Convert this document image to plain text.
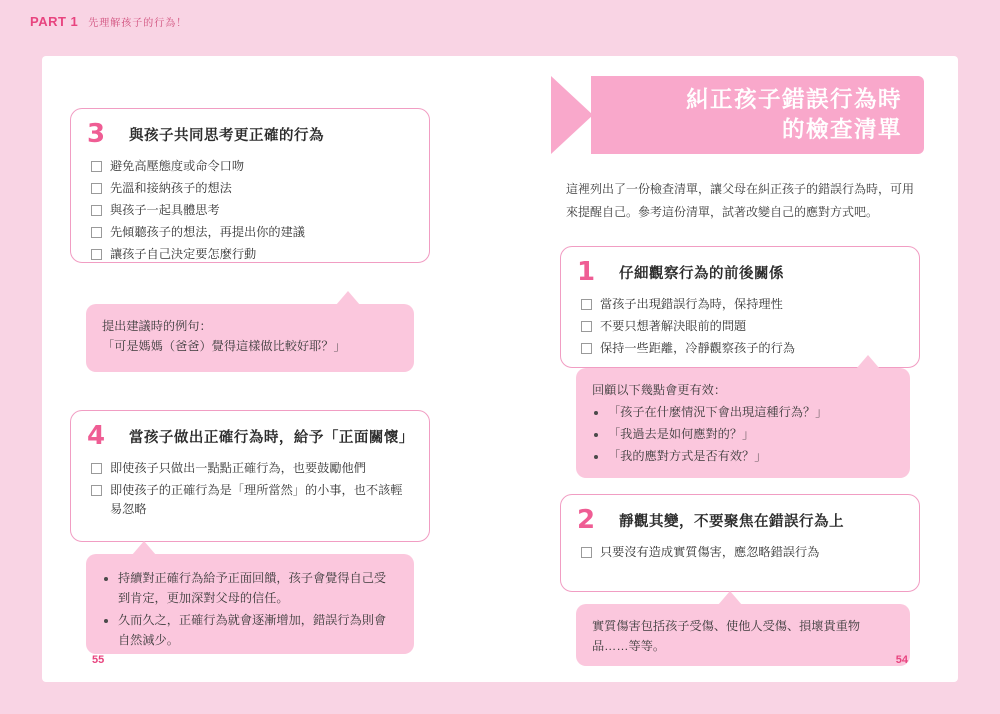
PART 1 先理解孩子的行為！
3	與孩子共同思考更正確的行為
避免高壓態度或命令口吻
先溫和接納孩子的想法
與孩子一起具體思考
先傾聽孩子的想法，再提出你的建議
讓孩子自己決定要怎麼行動

提出建議時的例句：

「可是媽媽（爸爸）覺得這樣做比較好耶？」

4	當孩子做出正確行為時，給予「正面關懷」
即使孩子只做出一點點正確行為，也要鼓勵他們
即使孩子的正確行為是「理所當然」的小事，也不該輕易忽略
• 持續對正確行為給予正面回饋，孩子會覺得自己受到肯定，更加深對父母的信任。
• 久而久之，正確行為就會逐漸增加，錯誤行為則會自然減少。
55
糾正孩子錯誤行為時
的檢查清單
這裡列出了一份檢查清單，讓父母在糾正孩子的錯誤行為時，可用來提醒自己。參考這份清單，試著改變自己的應對方式吧。
1	仔細觀察行為的前後關係
當孩子出現錯誤行為時，保持理性
不要只想著解決眼前的問題
保持一些距離，冷靜觀察孩子的行為

回顧以下幾點會更有效：

• 「孩子在什麼情況下會出現這種行為？」
• 「我過去是如何應對的？」
• 「我的應對方式是否有效？」
2	靜觀其變，不要聚焦在錯誤行為上
只要沒有造成實質傷害，應忽略錯誤行為

實質傷害包括孩子受傷、使他人受傷、損壞貴重物品……等等。

54
